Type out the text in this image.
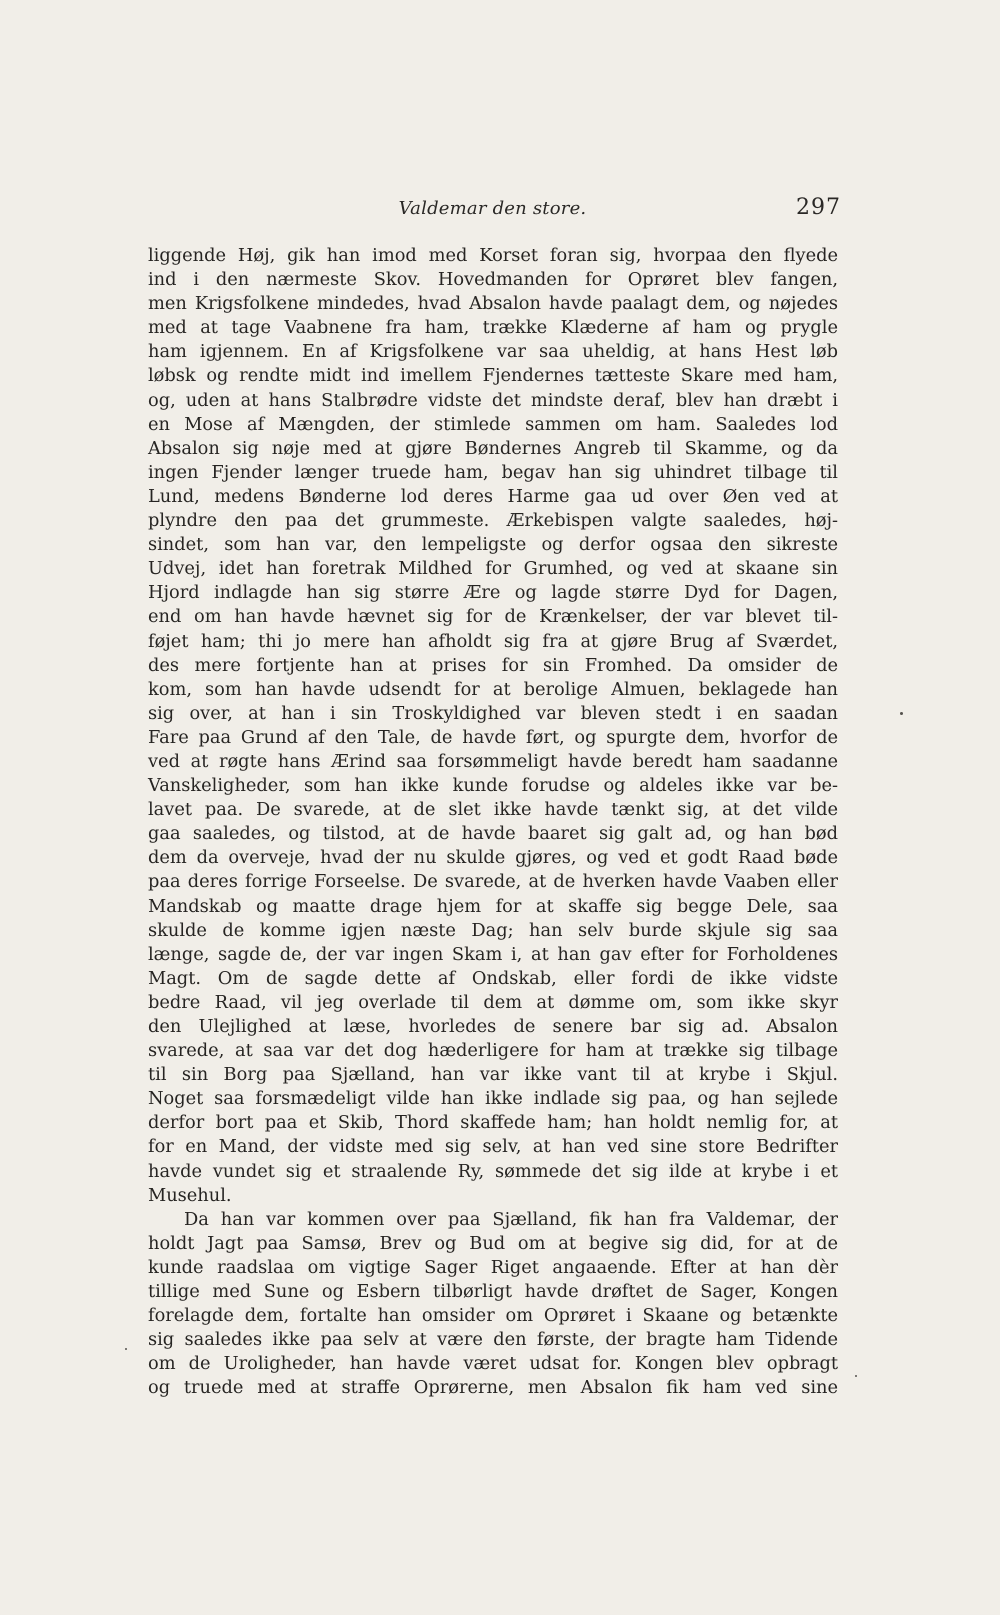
Valdemar den store.	297
liggende Høj, gik han imod med Korset foran sig, hvorpaa den flyede
ind i den nærmeste Skov. Hovedmanden for Oprøret blev fangen,
men Krigsfolkene mindedes, hvad Absalon havde paalagt dem, og nøjedes
med at tage Vaabnene fra ham, trække Klæderne af ham og prygle
ham igjennem. En af Krigsfolkene var saa uheldig, at hans Hest løb
løbsk og rendte midt ind imellem Fjendernes tætteste Skare med ham,
og, uden at hans Stalbrødre vidste det mindste deraf, blev han dræbt i
en Mose af Mængden, der stimlede sammen om ham. Saaledes lod
Absalon sig nøje med at gjøre Bøndernes Angreb til Skamme, og da
ingen Fjender længer truede ham, begav han sig uhindret tilbage til
Lund, medens Bønderne lod deres Harme gaa ud over Øen ved at
plyndre den paa det grummeste. Ærkebispen valgte saaledes, høj-
sindet, som han var, den lempeligste og derfor ogsaa den sikreste
Udvej, idet han foretrak Mildhed for Grumhed, og ved at skaane sin
Hjord indlagde han sig større Ære og lagde større Dyd for Dagen,
end om han havde hævnet sig for de Krænkelser, der var blevet til-
føjet ham; thi jo mere han afholdt sig fra at gjøre Brug af Sværdet,
des mere fortjente han at prises for sin Fromhed. Da omsider de
kom, som han havde udsendt for at berolige Almuen, beklagede han
sig over, at han i sin Troskyldighed var bleven stedt i en saadan
Fare paa Grund af den Tale, de havde ført, og spurgte dem, hvorfor de
ved at røgte hans Ærind saa forsømmeligt havde beredt ham saadanne
Vanskeligheder, som han ikke kunde forudse og aldeles ikke var be-
lavet paa. De svarede, at de slet ikke havde tænkt sig, at det vilde
gaa saaledes, og tilstod, at de havde baaret sig galt ad, og han bød
dem da overveje, hvad der nu skulde gjøres, og ved et godt Raad bøde
paa deres forrige Forseelse. De svarede, at de hverken havde Vaaben eller
Mandskab og maatte drage hjem for at skaffe sig begge Dele, saa
skulde de komme igjen næste Dag; han selv burde skjule sig saa
længe, sagde de, der var ingen Skam i, at han gav efter for Forholdenes
Magt. Om de sagde dette af Ondskab, eller fordi de ikke vidste
bedre Raad, vil jeg overlade til dem at dømme om, som ikke skyr
den Ulejlighed at læse, hvorledes de senere bar sig ad. Absalon
svarede, at saa var det dog hæderligere for ham at trække sig tilbage
til sin Borg paa Sjælland, han var ikke vant til at krybe i Skjul.
Noget saa forsmædeligt vilde han ikke indlade sig paa, og han sejlede
derfor bort paa et Skib, Thord skaffede ham; han holdt nemlig for, at
for en Mand, der vidste med sig selv, at han ved sine store Bedrifter
havde vundet sig et straalende Ry, sømmede det sig ilde at krybe i et
Musehul.
Da han var kommen over paa Sjælland, fik han fra Valdemar, der
holdt Jagt paa Samsø, Brev og Bud om at begive sig did, for at de
kunde raadslaa om vigtige Sager Riget angaaende. Efter at han dèr
tillige med Sune og Esbern tilbørligt havde drøftet de Sager, Kongen
forelagde dem, fortalte han omsider om Oprøret i Skaane og betænkte
sig saaledes ikke paa selv at være den første, der bragte ham Tidende
om de Uroligheder, han havde været udsat for. Kongen blev opbragt
og truede med at straffe Oprørerne, men Absalon fik ham ved sine
